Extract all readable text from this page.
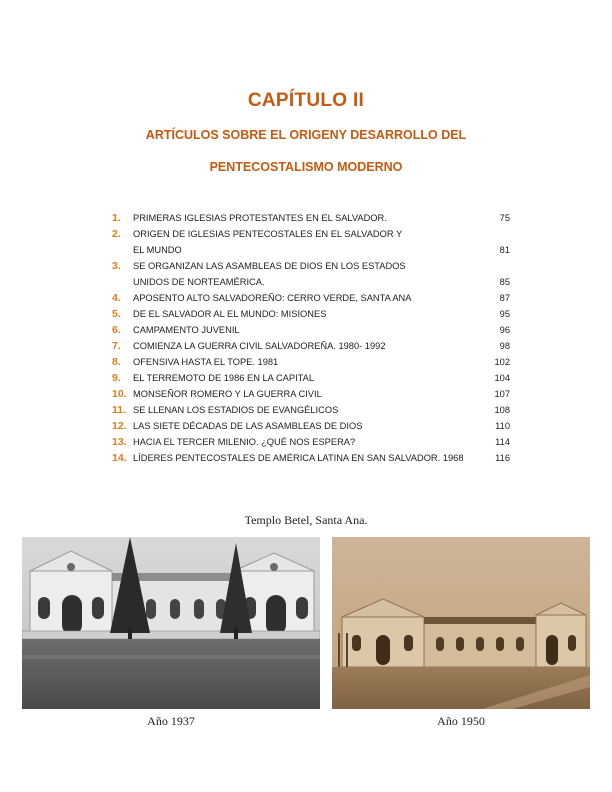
CAPÍTULO II
ARTÍCULOS SOBRE EL ORIGENY DESARROLLO DEL
PENTECOSTALISMO MODERNO
1.	PRIMERAS IGLESIAS PROTESTANTES EN EL SALVADOR.	75
2.	ORIGEN DE IGLESIAS PENTECOSTALES EN EL SALVADOR Y
EL MUNDO	81
3.	SE ORGANIZAN LAS ASAMBLEAS DE DIOS EN LOS ESTADOS
UNIDOS DE NORTEAMÉRICA.	85
4.	APOSENTO ALTO SALVADOREÑO: CERRO VERDE, SANTA ANA	87
5.	DE EL SALVADOR AL EL MUNDO: MISIONES	95
6.	CAMPAMENTO JUVENIL	96
7.	COMIENZA LA GUERRA CIVIL SALVADOREÑA. 1980- 1992	98
8.	OFENSIVA HASTA EL TOPE. 1981	102
9.	EL TERREMOTO DE 1986 EN LA CAPITAL	104
10. MONSEÑOR ROMERO Y LA GUERRA CIVIL	107
11. SE LLENAN LOS ESTADIOS DE EVANGÉLICOS	108
12. LAS SIETE DÉCADAS DE LAS ASAMBLEAS DE DIOS	110
13. HACIA EL TERCER MILENIO. ¿QUÉ NOS ESPERA?	114
14. LÍDERES PENTECOSTALES DE AMÉRICA LATINA EN SAN SALVADOR. 1968	116
Templo Betel, Santa Ana.
Año 1937	Año 1950
